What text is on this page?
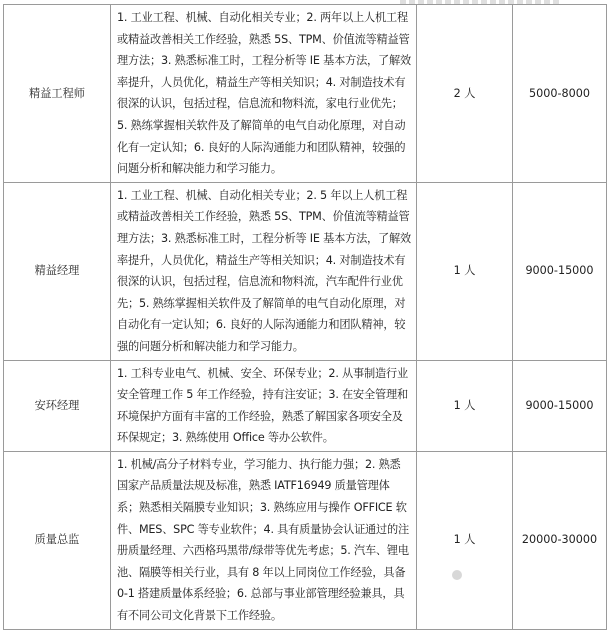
精益工程师	1. 工业工程、机械、自动化相关专业；2. 两年以上人机工程或精益改善相关工作经验，熟悉 5S、TPM、价值流等精益管理方法；3. 熟悉标准工时，工程分析等 IE 基本方法，了解效率提升，人员优化，精益生产等相关知识；4. 对制造技术有很深的认识，包括过程，信息流和物料流，家电行业优先；5. 熟练掌握相关软件及了解简单的电气自动化原理，对自动化有一定认知；6. 良好的人际沟通能力和团队精神，较强的问题分析和解决能力和学习能力。	2 人	5000-8000
精益经理	1. 工业工程、机械、自动化相关专业；2. 5 年以上人机工程或精益改善相关工作经验，熟悉 5S、TPM、价值流等精益管理方法；3. 熟悉标准工时，工程分析等 IE 基本方法，了解效率提升，人员优化，精益生产等相关知识；4. 对制造技术有很深的认识，包括过程，信息流和物料流，汽车配件行业优先；5. 熟练掌握相关软件及了解简单的电气自动化原理，对自动化有一定认知；6. 良好的人际沟通能力和团队精神，较强的问题分析和解决能力和学习能力。	1 人	9000-15000
安环经理	1. 工科专业电气、机械、安全、环保专业；2. 从事制造行业安全管理工作 5 年工作经验，持有注安证；3. 在安全管理和环境保护方面有丰富的工作经验，熟悉了解国家各项安全及环保规定；3. 熟练使用 Office 等办公软件。	1 人	9000-15000
质量总监	1. 机械/高分子材料专业，学习能力、执行能力强；2. 熟悉国家产品质量法规及标准，熟悉 IATF16949 质量管理体系；熟悉相关隔膜专业知识；3. 熟练应用与操作 OFFICE 软件、MES、SPC 等专业软件；4. 具有质量协会认证通过的注册质量经理、六西格玛黑带/绿带等优先考虑；5. 汽车、锂电池、隔膜等相关行业，具有 8 年以上同岗位工作经验，具备 0-1 搭建质量体系经验；6. 总部与事业部管理经验兼具，具有不同公司文化背景下工作经验。	1 人	20000-30000
